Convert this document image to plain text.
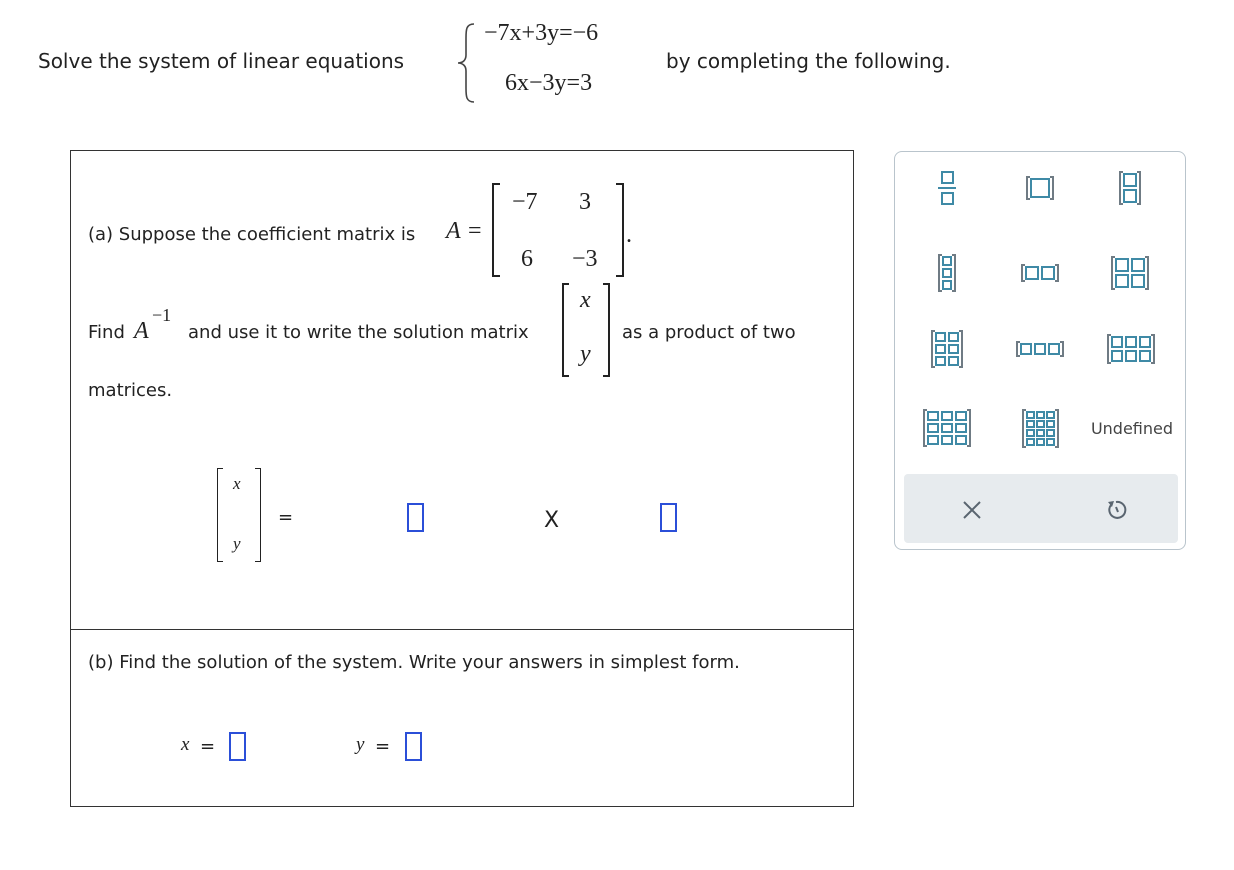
Solve the system of linear equations
−7x+3y=−6
6x−3y=3
by completing the following.
(a) Suppose the coefficient matrix is A =
−7 3
6 −3
.
Find A
−1
and use it to write the solution matrix
x
y
as a product of two
matrices.
x
y
=	X
(b) Find the solution of the system. Write your answers in simplest form.
x =	y =
Undefined
